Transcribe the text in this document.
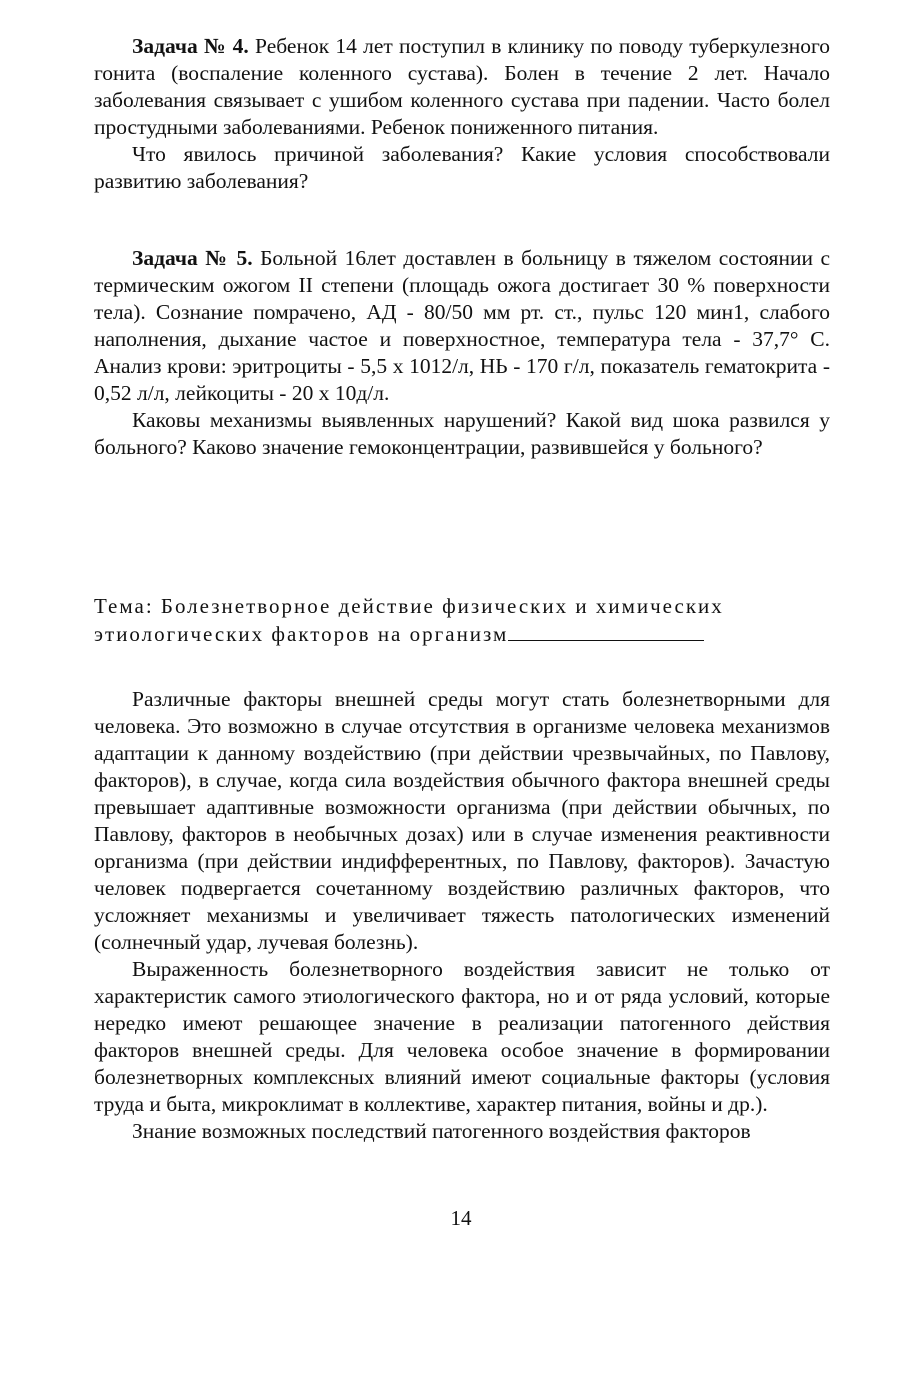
Задача № 4. Ребенок 14 лет поступил в клинику по поводу туберкулезного гонита (воспаление коленного сустава). Болен в течение 2 лет. Начало заболевания связывает с ушибом коленного сустава при падении. Часто болел простудными заболеваниями. Ребенок пониженного питания.

Что явилось причиной заболевания? Какие условия способствовали развитию заболевания?

Задача № 5. Больной 16лет доставлен в больницу в тяжелом состоянии с термическим ожогом II степени (площадь ожога достигает 30 % поверхности тела). Сознание помрачено, АД - 80/50 мм рт. ст., пульс 120 мин1, слабого наполнения, дыхание частое и поверхностное, температура тела - 37,7° С. Анализ крови: эритроциты - 5,5 х 1012/л, НЬ - 170 г/л, показатель гематокрита - 0,52 л/л, лейкоциты - 20 х 10д/л.

Каковы механизмы выявленных нарушений? Какой вид шока развился у больного? Каково значение гемоконцентрации, развившейся у больного?

Тема: Болезнетворное действие физических и химических
этиологических факторов на организм

Различные факторы внешней среды могут стать болезнетворными для человека. Это возможно в случае отсутствия в организме человека механизмов адаптации к данному воздействию (при действии чрезвычайных, по Павлову, факторов), в случае, когда сила воздействия обычного фактора внешней среды превышает адаптивные возможности организма (при действии обычных, по Павлову, факторов в необычных дозах) или в случае изменения реактивности организма (при действии индифферентных, по Павлову, факторов). Зачастую человек подвергается сочетанному воздействию различных факторов, что усложняет механизмы и увеличивает тяжесть патологических изменений (солнечный удар, лучевая болезнь).

Выраженность болезнетворного воздействия зависит не только от характеристик самого этиологического фактора, но и от ряда условий, которые нередко имеют решающее значение в реализации патогенного действия факторов внешней среды. Для человека особое значение в формировании болезнетворных комплексных влияний имеют социальные факторы (условия труда и быта, микроклимат в коллективе, характер питания, войны и др.).

Знание возможных последствий патогенного воздействия факторов

14
